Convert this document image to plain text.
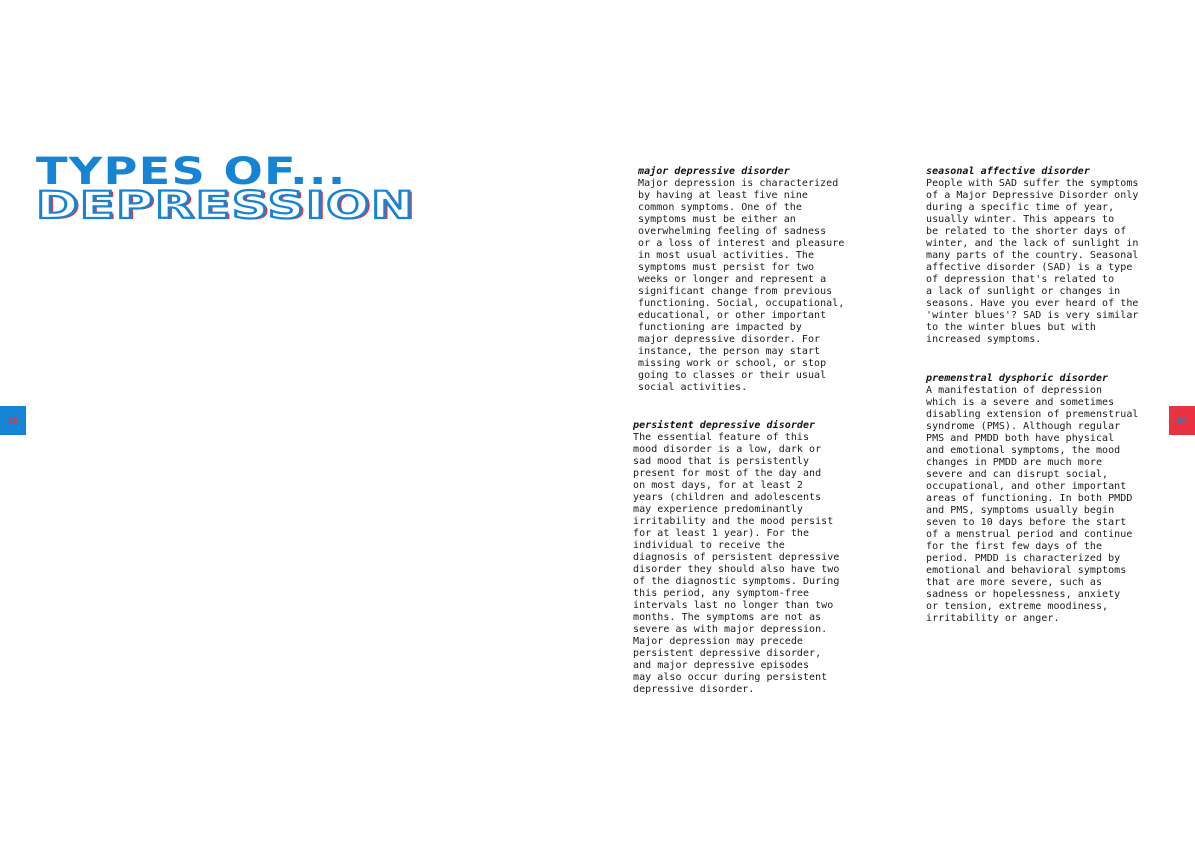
TYPES OF...
DEPRESSION
major depressive disorder

Major depression is characterized
by having at least five nine
common symptoms. One of the
symptoms must be either an
overwhelming feeling of sadness
or a loss of interest and pleasure
in most usual activities. The
symptoms must persist for two
weeks or longer and represent a
significant change from previous
functioning. Social, occupational,
educational, or other important
functioning are impacted by
major depressive disorder. For
instance, the person may start
missing work or school, or stop
going to classes or their usual
social activities.

persistent depressive disorder

The essential feature of this
mood disorder is a low, dark or
sad mood that is persistently
present for most of the day and
on most days, for at least 2
years (children and adolescents
may experience predominantly
irritability and the mood persist
for at least 1 year). For the
individual to receive the
diagnosis of persistent depressive
disorder they should also have two
of the diagnostic symptoms. During
this period, any symptom-free
intervals last no longer than two
months. The symptoms are not as
severe as with major depression.
Major depression may precede
persistent depressive disorder,
and major depressive episodes
may also occur during persistent
depressive disorder.

seasonal affective disorder

People with SAD suffer the symptoms
of a Major Depressive Disorder only
during a specific time of year,
usually winter. This appears to
be related to the shorter days of
winter, and the lack of sunlight in
many parts of the country. Seasonal
affective disorder (SAD) is a type
of depression that's related to
a lack of sunlight or changes in
seasons. Have you ever heard of the
'winter blues'? SAD is very similar
to the winter blues but with
increased symptoms.

premenstral dysphoric disorder

A manifestation of depression
which is a severe and sometimes
disabling extension of premenstrual
syndrome (PMS). Although regular
PMS and PMDD both have physical
and emotional symptoms, the mood
changes in PMDD are much more
severe and can disrupt social,
occupational, and other important
areas of functioning. In both PMDD
and PMS, symptoms usually begin
seven to 10 days before the start
of a menstrual period and continue
for the first few days of the
period. PMDD is characterized by
emotional and behavioral symptoms
that are more severe, such as
sadness or hopelessness, anxiety
or tension, extreme moodiness,
irritability or anger.

33	34
